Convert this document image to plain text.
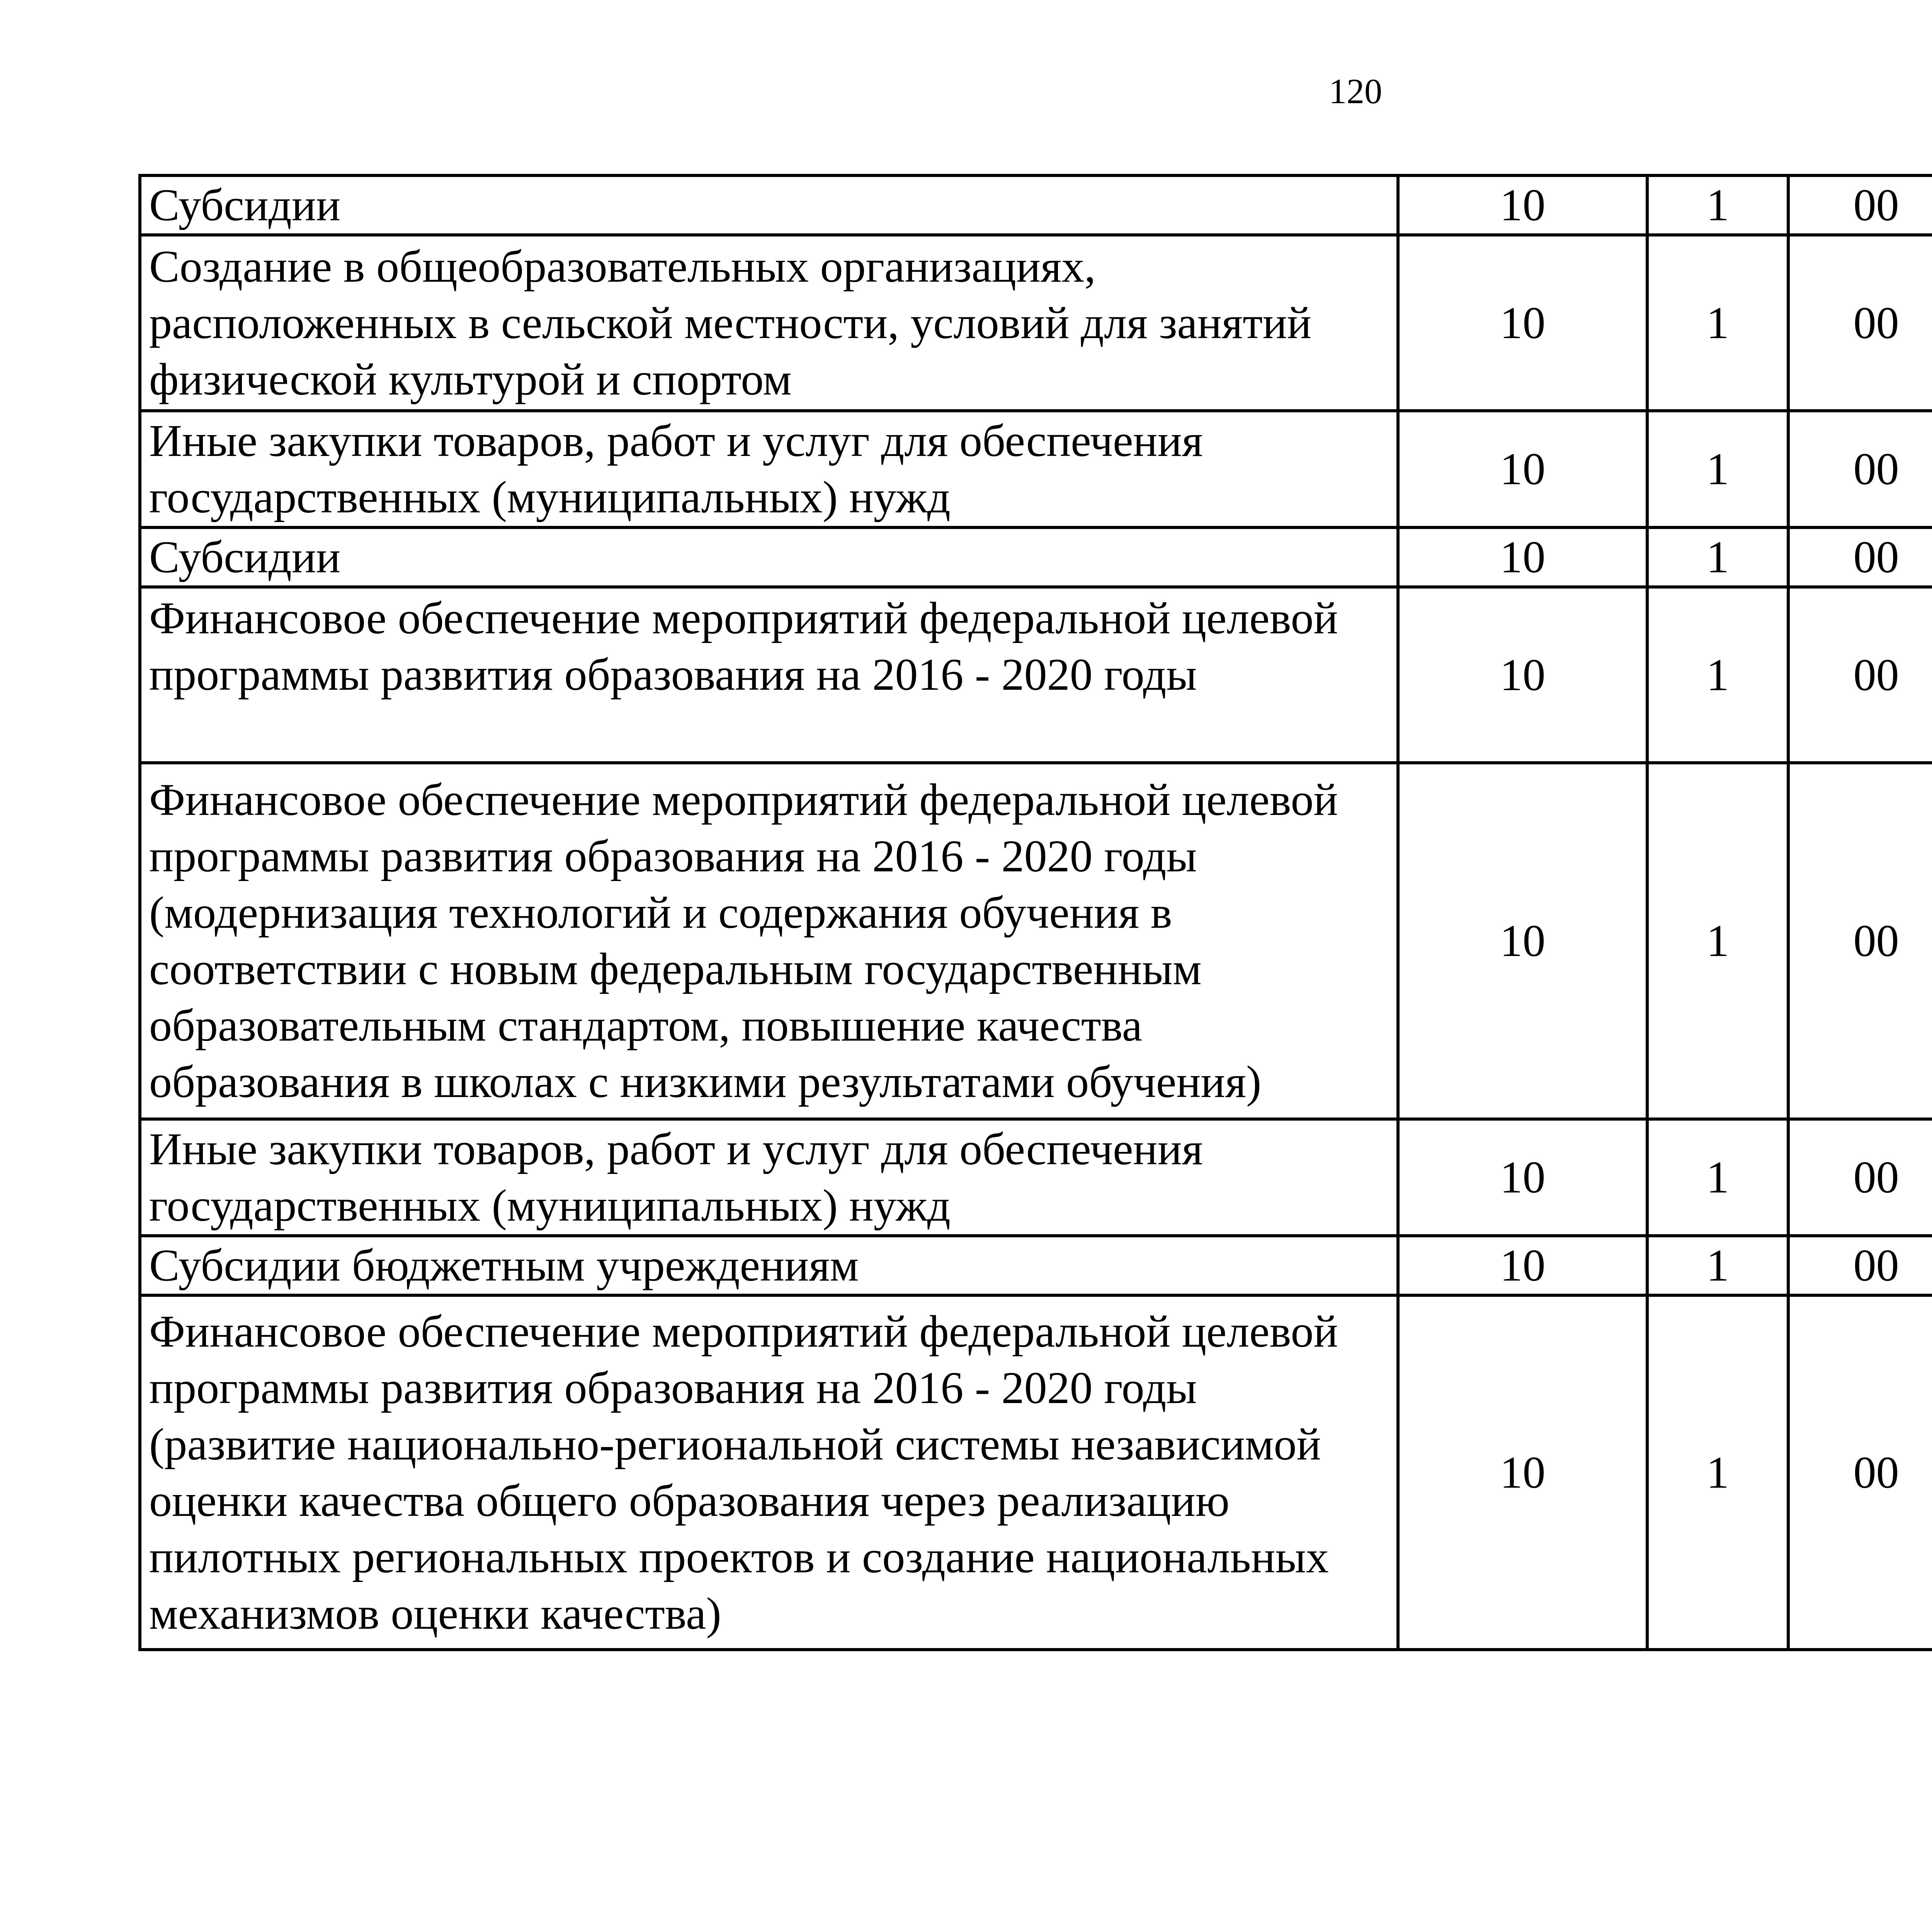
120
Субсидии	10	1	00			
Создание в общеобразовательных организациях, расположенных в сельской местности, условий для занятий физической культурой и спортом	10	1	00			
Иные закупки товаров, работ и услуг для обеспечения государственных (муниципальных) нужд	10	1	00			
Субсидии	10	1	00			
Финансовое обеспечение мероприятий федеральной целевой программы развития образования на 2016 - 2020 годы	10	1	00			
Финансовое обеспечение мероприятий федеральной целевой программы развития образования на 2016 - 2020 годы (модернизация технологий и содержания обучения в соответствии с новым федеральным государственным образовательным стандартом, повышение качества образования в школах с низкими результатами обучения)	10	1	00			
Иные закупки товаров, работ и услуг для обеспечения государственных (муниципальных) нужд	10	1	00			
Субсидии бюджетным учреждениям	10	1	00			
Финансовое обеспечение мероприятий федеральной целевой программы развития образования на 2016 - 2020 годы (развитие национально-региональной системы независимой оценки качества общего образования через реализацию пилотных региональных проектов и создание национальных механизмов оценки качества)	10	1	00			
